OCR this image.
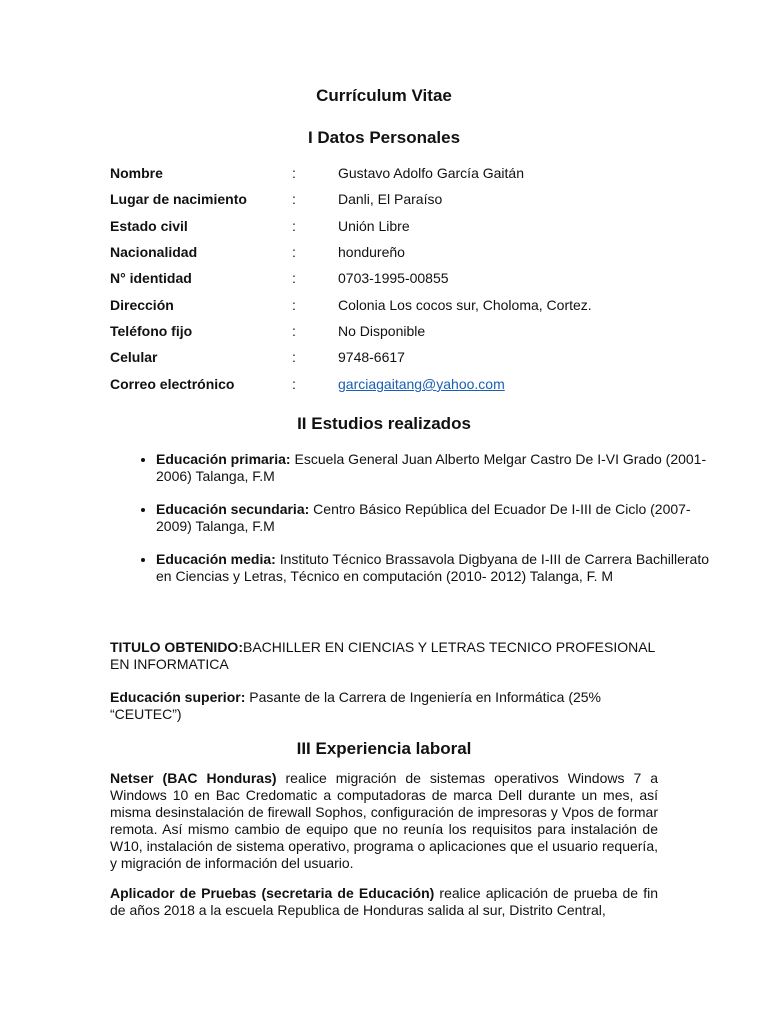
Currículum Vitae
I Datos Personales
Nombre	:	Gustavo Adolfo García Gaitán
Lugar de nacimiento	:	Danli, El Paraíso
Estado civil	:	Unión Libre
Nacionalidad	:	hondureño
N° identidad	:	0703-1995-00855
Dirección	:	Colonia Los cocos sur, Choloma, Cortez.
Teléfono fijo	:	No Disponible
Celular	:	9748-6617
Correo electrónico	:	garciagaitang@yahoo.com
II Estudios realizados
• Educación primaria: Escuela General Juan Alberto Melgar Castro De I-VI Grado (2001-2006) Talanga, F.M
• Educación secundaria: Centro Básico República del Ecuador De I-III de Ciclo (2007-2009) Talanga, F.M
• Educación media: Instituto Técnico Brassavola Digbyana de I-III de Carrera Bachillerato en Ciencias y Letras, Técnico en computación (2010- 2012) Talanga, F. M
TITULO OBTENIDO:BACHILLER EN CIENCIAS Y LETRAS TECNICO PROFESIONAL EN INFORMATICA
Educación superior: Pasante de la Carrera de Ingeniería en Informática (25% “CEUTEC”)
III Experiencia laboral
Netser (BAC Honduras) realice migración de sistemas operativos Windows 7 a Windows 10 en Bac Credomatic a computadoras de marca Dell durante un mes, así misma desinstalación de firewall Sophos, configuración de impresoras y Vpos de formar remota. Así mismo cambio de equipo que no reunía los requisitos para instalación de W10, instalación de sistema operativo, programa o aplicaciones que el usuario requería, y migración de información del usuario.
Aplicador de Pruebas (secretaria de Educación) realice aplicación de prueba de fin de años 2018 a la escuela Republica de Honduras salida al sur, Distrito Central,
